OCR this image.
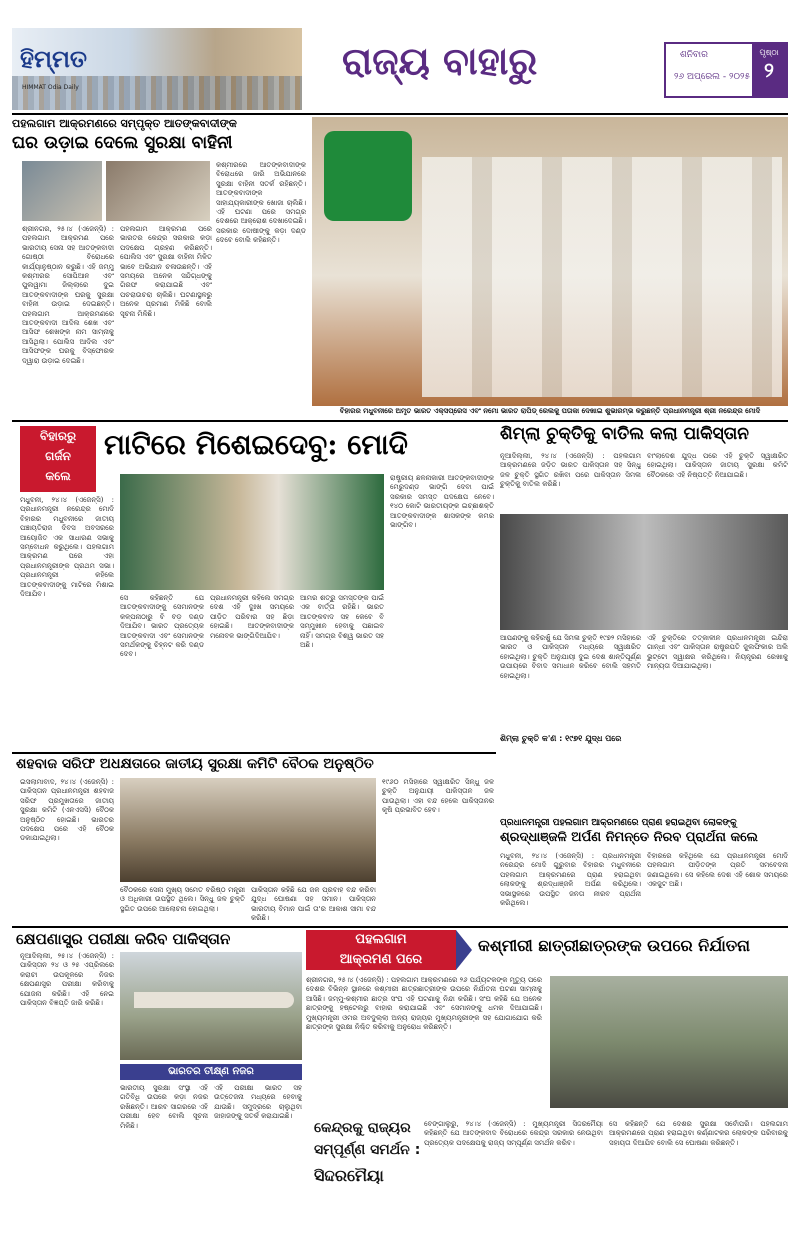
ହିମ୍ମତ
HIMMAT Odia Daily
ରାଜ୍ୟ ବାହାରୁ	ଶନିବାର
୨୬ ଅପ୍ରେଲ - ୨୦୨୫
ପୃଷ୍ଠା
୨
ପହଲଗାମ ଆକ୍ରମଣରେ ସମ୍ପୃକ୍ତ ଆତଙ୍କବାଦୀଙ୍କ
ଘର ଉଡ଼ାଇ ଦେଲେ ସୁରକ୍ଷା ବାହିନୀ
ଶ୍ରୀନଗର, ୨୫।୪ (ଏଜେନ୍ସି) : ପହଲଗାମ ଆକ୍ରମଣ ପରେ ଭାରତୀୟ ସେନା ସହ ଆତଙ୍କବାଦୀ ଗୋଷ୍ଠୀ ବିରୋଧରେ କାର୍ଯ୍ୟାନୁଷ୍ଠାନ କରୁଛି। ଏହି ଜମ୍ମୁ କଶ୍ମୀରର ସୋପିଆନ ଏବଂ ପୁଲୱାମା ଜିଲ୍ଲାରେ ଦୁଇ ଆତଙ୍କବାଦୀଙ୍କ ଘରକୁ ସୁରକ୍ଷା ବାହିନୀ ଉଡ଼ାଇ ଦେଇଛନ୍ତି। ପହଲଗାମ ଆକ୍ରମଣରେ ଆତଙ୍କବାଦୀ ଆଦିଲ ଶେଖ ଏବଂ ଆସିଫ ଶେଖଙ୍କ ନାମ ସାମ୍ନାକୁ ଆସିଥିଲା। ପୋଲିସ ଆଦିଲ ଏବଂ ଆସିଫଙ୍କ ଘରକୁ ବିସ୍ଫୋରକ ଦ୍ୱାରା ଉଡ଼ାଇ ଦେଇଛି।
ପହଲଗାମ ଆକ୍ରମଣ ପରେ ଭାରତର କେନ୍ଦ୍ର ସରକାର କଡ଼ା ପଦକ୍ଷେପ ଗ୍ରହଣ କରିଛନ୍ତି। ପୋଲିସ ଏବଂ ସୁରକ୍ଷା ବାହିନୀ ମିଳିତ ଭାବେ ଅଭିଯାନ ଚଳାଉଛନ୍ତି। ଏହି ସମୟରେ ଅନେକ ସନ୍ଦିଗ୍ଧଙ୍କୁ ଗିରଫ କରାଯାଇଛି ଏବଂ ପଚରାଉଚରା ଚାଲିଛି। ଘଟଣାସ୍ଥଳରୁ ଅନେକ ପ୍ରମାଣ ମିଳିଛି ବୋଲି ସୂଚନା ମିଳିଛି।
କଶ୍ମୀରରେ ଆତଙ୍କବାଦୀଙ୍କ ବିରୋଧରେ ଜାରି ଅଭିଯାନରେ ସୁରକ୍ଷା ବାହିନୀ ସତର୍କ ରହିଛନ୍ତି। ଆତଙ୍କବାଦୀଙ୍କ ସାହାଯ୍ୟକାରୀଙ୍କ ଖୋଜା ଚାଲିଛି। ଏହି ଘଟଣା ପରେ ସମଗ୍ର ଦେଶରେ ଆକ୍ରୋଶ ଦେଖାଦେଇଛି। ସରକାର ଦୋଷୀଙ୍କୁ କଡ଼ା ଦଣ୍ଡ ଦେବେ ବୋଲି କହିଛନ୍ତି।
ବିହାରର ମଧୁବନୀରେ ଅମୃତ ଭାରତ ଏକ୍ସପ୍ରେସ ଏବଂ ନମୋ ଭାରତ ରାପିଡ୍ ରେଲକୁ ପତାକା ଦେଖାଇ ଶୁଭାରମ୍ଭ କରୁଛନ୍ତି ପ୍ରଧାନମନ୍ତ୍ରୀ ଶ୍ରୀ ନରେନ୍ଦ୍ର ମୋଦି
ବିହାରରୁ
ଗର୍ଜନ
କଲେ
ମାଟିରେ ମିଶେଇଦେବୁ: ମୋଦି
ମଧୁବନୀ, ୨୪।୪ (ଏଜେନ୍ସି) : ପ୍ରଧାନମନ୍ତ୍ରୀ ନରେନ୍ଦ୍ର ମୋଦି ବିହାରର ମଧୁବନୀରେ ଜାତୀୟ ପଞ୍ଚାୟତିରାଜ ଦିବସ ଅବସରରେ ଆୟୋଜିତ ଏକ ସାଧାରଣ ସଭାକୁ ସମ୍ବୋଧନ କରୁଥିଲେ। ପହଲଗାମ ଆକ୍ରମଣ ପରେ ଏହା ପ୍ରଧାନମନ୍ତ୍ରୀଙ୍କ ପ୍ରଥମ ସଭା। ପ୍ରଧାନମନ୍ତ୍ରୀ କହିଲେ ଆତଙ୍କବାଦୀଙ୍କୁ ମାଟିରେ ମିଶାଇ ଦିଆଯିବ।
ରାଷ୍ଟ୍ରୀୟ ଛଳନାକାରୀ ଆତଙ୍କବାଦୀଙ୍କ ମେରୁଦଣ୍ଡ ଭାଙ୍ଗି ଦେବା ପାଇଁ ସରକାର ସମସ୍ତ ପଦକ୍ଷେପ ନେବେ। ୧୪୦ କୋଟି ଭାରତୀୟଙ୍କ ଇଚ୍ଛାଶକ୍ତି ଆତଙ୍କବାଦୀଙ୍କ ଶାସକଙ୍କ କମର ଭାଙ୍ଗିବ।
ସେ କହିଛନ୍ତି ଯେ ଆତଙ୍କବାଦୀଙ୍କୁ ସେମାନଙ୍କ କଳ୍ପନାଠାରୁ ବି ବଡ଼ ଦଣ୍ଡ ଦିଆଯିବ। ଭାରତ ପ୍ରତ୍ୟେକ ଆତଙ୍କବାଦୀ ଏବଂ ସେମାନଙ୍କ ସମର୍ଥକଙ୍କୁ ଚିହ୍ନଟ କରି ଦଣ୍ଡ ଦେବ।
ପ୍ରଧାନମନ୍ତ୍ରୀ କହିଲେ ସମଗ୍ର ଦେଶ ଏହି ଦୁଃଖ ସମୟରେ ପୀଡ଼ିତ ପରିବାର ସହ ଛିଡ଼ା ହୋଇଛି। ଆତଙ୍କବାଦୀଙ୍କ ମନୋବଳ ଭାଙ୍ଗିଦିଆଯିବ।
ଆମର ଶତ୍ରୁ ସମସ୍ତଙ୍କ ପାଇଁ ଏକ ବାର୍ତ୍ତା ରହିଛି। ଭାରତ ଆତଙ୍କବାଦ ସହ କେବେ ବି ସମ୍ମୁଖୀନ ହେବାକୁ ପଛାଇବ ନାହିଁ। ସମଗ୍ର ବିଶ୍ୱ ଭାରତ ସହ ଅଛି।
ଶିମ୍ଲା ଚୁକ୍ତିକୁ ବାତିଲ କଲା ପାକିସ୍ତାନ
ନୂଆଦିଲ୍ଲୀ, ୨୪।୪ (ଏଜେନ୍ସି) : ପହଲଗାମ ଆକ୍ରମଣରେ ଜଡ଼ିତ ଭାରତ ପାକିସ୍ତାନ ସହ ସିନ୍ଧୁ ଜଳ ଚୁକ୍ତି ସ୍ଥଗିତ ରଖିବା ପରେ ପାକିସ୍ତାନ ସିମଳା ଚୁକ୍ତିକୁ ବାତିଲ କରିଛି।
ବାଂଲାଦେଶ ଯୁଦ୍ଧ ପରେ ଏହି ଚୁକ୍ତି ସ୍ୱାକ୍ଷରିତ ହୋଇଥିଲା। ପାକିସ୍ତାନ ଜାତୀୟ ସୁରକ୍ଷା କମିଟି ବୈଠକରେ ଏହି ନିଷ୍ପତ୍ତି ନିଆଯାଇଛି।
ଆପଣଙ୍କୁ କହିରଖୁଁ ଯେ ସିମଳା ଚୁକ୍ତି ୧୯୭୨ ମସିହାରେ ଭାରତ ଓ ପାକିସ୍ତାନ ମଧ୍ୟରେ ସ୍ୱାକ୍ଷରିତ ହୋଇଥିଲା। ଚୁକ୍ତି ଅନୁଯାୟୀ ଦୁଇ ଦେଶ ଶାନ୍ତିପୂର୍ଣ୍ଣ ଉପାୟରେ ବିବାଦ ସମାଧାନ କରିବେ ବୋଲି ସହମତି ହୋଇଥିଲା।
ଏହି ଚୁକ୍ତିରେ ତତ୍କାଳୀନ ପ୍ରଧାନମନ୍ତ୍ରୀ ଇନ୍ଦିରା ଗାନ୍ଧୀ ଏବଂ ପାକିସ୍ତାନ ରାଷ୍ଟ୍ରପତି ଜୁଲଫିକାର ଅଲି ଭୁଟ୍ଟୋ ସ୍ୱାକ୍ଷର କରିଥିଲେ। ନିୟନ୍ତ୍ରଣ ରେଖାକୁ ମାନ୍ୟତା ଦିଆଯାଇଥିଲା।
ଶିମ୍ଲା ଚୁକ୍ତି କ'ଣ : ୧୯୭୧ ଯୁଦ୍ଧ ପରେ
ଶହବାଜ ସରିଫ ଅଧକ୍ଷତାରେ ଜାତୀୟ ସୁରକ୍ଷା କମିଟି ବୈଠକ ଅନୁଷ୍ଠିତ
ଇସଲାମାବାଦ, ୨୪।୪ (ଏଜେନ୍ସି) : ପାକିସ୍ତାନ ପ୍ରଧାନମନ୍ତ୍ରୀ ଶହବାଜ ସରିଫ ପ୍ରମୁଖତାରେ ଜାତୀୟ ସୁରକ୍ଷା କମିଟି (ଏନଏସସି) ବୈଠକ ଅନୁଷ୍ଠିତ ହୋଇଛି। ଭାରତର ପଦକ୍ଷେପ ପରେ ଏହି ବୈଠକ ଡକାଯାଇଥିଲା।
୧୯୬୦ ମସିହାରେ ସ୍ୱାକ୍ଷରିତ ସିନ୍ଧୁ ଜଳ ଚୁକ୍ତି ଅନୁଯାୟୀ ପାକିସ୍ତାନ ଜଳ ପାଉଥିଲା। ଏହା ବନ୍ଦ ହେଲେ ପାକିସ୍ତାନର କୃଷି ପ୍ରଭାବିତ ହେବ।
ବୈଠକରେ ସେନା ମୁଖ୍ୟ ସମେତ ବରିଷ୍ଠ ମନ୍ତ୍ରୀ ଓ ଅଧିକାରୀ ଉପସ୍ଥିତ ଥିଲେ। ସିନ୍ଧୁ ଜଳ ଚୁକ୍ତି ସ୍ଥଗିତ ଉପରେ ଆଲୋଚନା ହୋଇଥିଲା।
ପାକିସ୍ତାନ କହିଛି ଯେ ଜଳ ପ୍ରବାହ ବନ୍ଦ କରିବା ଯୁଦ୍ଧ ଘୋଷଣା ସହ ସମାନ। ପାକିସ୍ତାନ ଭାରତୀୟ ବିମାନ ପାଇଁ ତା'ର ଆକାଶ ସୀମା ବନ୍ଦ କରିଛି।
ପ୍ରଧାନମନ୍ତ୍ରୀ ପହଲଗାମ ଆକ୍ରମଣରେ ପ୍ରାଣ ହରାଇଥିବା ଲୋକଙ୍କୁ
ଶ୍ରଦ୍ଧାଞ୍ଜଳି ଅର୍ପଣ ନିମନ୍ତେ ନିରବ ପ୍ରାର୍ଥନା କଲେ
ମଧୁବନୀ, ୨୪।୪ (ଏଜେନ୍ସି) : ପ୍ରଧାନମନ୍ତ୍ରୀ ନରେନ୍ଦ୍ର ମୋଦି ଗୁରୁବାର ବିହାରର ମଧୁବନୀରେ ପହଲଗାମ ଆକ୍ରମଣରେ ପ୍ରାଣ ହରାଇଥିବା ଲୋକଙ୍କୁ ଶ୍ରଦ୍ଧାଞ୍ଜଳି ଅର୍ପଣ କରିଥିଲେ। ସଭାସ୍ଥଳରେ ଉପସ୍ଥିତ ଜନତା ନୀରବ ପ୍ରାର୍ଥନା କରିଥିଲେ।
ବିହାରରେ କହିଥିଲେ ଯେ ପ୍ରଧାନମନ୍ତ୍ରୀ ମୋଦି ପହଲଗାମ ପୀଡ଼ିତଙ୍କ ପ୍ରତି ସମବେଦନା ଜଣାଇଥିଲେ। ସେ କହିଲେ ଦେଶ ଏହି ଶୋକ ସମୟରେ ଏକଜୁଟ ଅଛି।
କ୍ଷେପଣାସ୍ତ୍ର ପରୀକ୍ଷା କରିବ ପାକିସ୍ତାନ
ନୂଆଦିଲ୍ଲୀ, ୨୫।୪ (ଏଜେନ୍ସି) : ପାକିସ୍ତାନ ୨୪ ଓ ୨୫ ଏପ୍ରିଲରେ କରାଚୀ ଉପକୂଳରେ ନିଜର କ୍ଷେପଣାସ୍ତ୍ର ପରୀକ୍ଷା କରିବାକୁ ଯୋଜନା କରିଛି। ଏହି ନେଇ ପାକିସ୍ତାନ ବିଜ୍ଞପ୍ତି ଜାରି କରିଛି।
ଭାରତର ତୀକ୍ଷ୍ଣ ନଜର
ଭାରତୀୟ ସୁରକ୍ଷା ସଂସ୍ଥା ଏହି ଗତିବିଧି ଉପରେ କଡ଼ା ନଜର ରଖିଛନ୍ତି। ଆରବ ସାଗରରେ ଏହି ପରୀକ୍ଷା ହେବ ବୋଲି ସୂଚନା ମିଳିଛି।
ଏହି ପରୀକ୍ଷା ଭାରତ ସହ ଉତ୍ତେଜନା ମଧ୍ୟରେ ହେବାକୁ ଯାଉଛି। ସମୁଦ୍ରରେ ଚାଲୁଥିବା ଜାହାଜଙ୍କୁ ସତର୍କ କରାଯାଇଛି।
ପହଲଗାମ
ଆକ୍ରମଣ ପରେ
କଶ୍ମୀରୀ ଛାତ୍ରୀଛାତ୍ରଙ୍କ ଉପରେ ନିର୍ଯାତନା
ଶ୍ରୀନଗର, ୨୫।୪ (ଏଜେନ୍ସି) : ପହଲଗାମ ଆକ୍ରମଣରେ ୨୬ ପର୍ଯ୍ୟଟକଙ୍କ ମୃତ୍ୟୁ ପରେ ଦେଶର ବିଭିନ୍ନ ସ୍ଥାନରେ କଶ୍ମୀରୀ ଛାତ୍ରଛାତ୍ରୀଙ୍କ ଉପରେ ନିର୍ଯାତନା ଘଟଣା ସାମ୍ନାକୁ ଆସିଛି। ଜମ୍ମୁ-କଶ୍ମୀର ଛାତ୍ର ସଂଘ ଏହି ଘଟଣାକୁ ନିନ୍ଦା କରିଛି। ସଂଘ କହିଛି ଯେ ଅନେକ ଛାତ୍ରଙ୍କୁ ହଷ୍ଟେଲରୁ ବାହାର କରାଯାଇଛି ଏବଂ ସେମାନଙ୍କୁ ଧମକ ଦିଆଯାଇଛି। ମୁଖ୍ୟମନ୍ତ୍ରୀ ଓମର ଅବଦୁଲ୍ଲା ଅନ୍ୟ ରାଜ୍ୟର ମୁଖ୍ୟମନ୍ତ୍ରୀଙ୍କ ସହ ଯୋଗାଯୋଗ କରି ଛାତ୍ରଙ୍କ ସୁରକ୍ଷା ନିଶ୍ଚିତ କରିବାକୁ ଅନୁରୋଧ କରିଛନ୍ତି।
କେନ୍ଦ୍ରକୁ ରାଜ୍ୟର
ସମ୍ପୂର୍ଣ୍ଣ ସମର୍ଥନ :
ସିଦ୍ଦରମୈୟା
ବେଙ୍ଗାଲୁରୁ, ୨୪।୪ (ଏଜେନ୍ସି) : ମୁଖ୍ୟମନ୍ତ୍ରୀ ସିଦ୍ଦରମୈୟା କହିଛନ୍ତି ଯେ ଆତଙ୍କବାଦ ବିରୋଧରେ କେନ୍ଦ୍ର ସରକାର ନେଉଥିବା ପ୍ରତ୍ୟେକ ପଦକ୍ଷେପକୁ ରାଜ୍ୟ ସମ୍ପୂର୍ଣ୍ଣ ସମର୍ଥନ କରିବ।
ସେ କହିଛନ୍ତି ଯେ ଦେଶର ସୁରକ୍ଷା ସର୍ବୋପରି। ପହଲଗାମ ଆକ୍ରମଣରେ ପ୍ରାଣ ହରାଇଥିବା କର୍ଣ୍ଣାଟକର ଲୋକଙ୍କ ପରିବାରକୁ ସହାୟତା ଦିଆଯିବ ବୋଲି ସେ ଘୋଷଣା କରିଛନ୍ତି।
